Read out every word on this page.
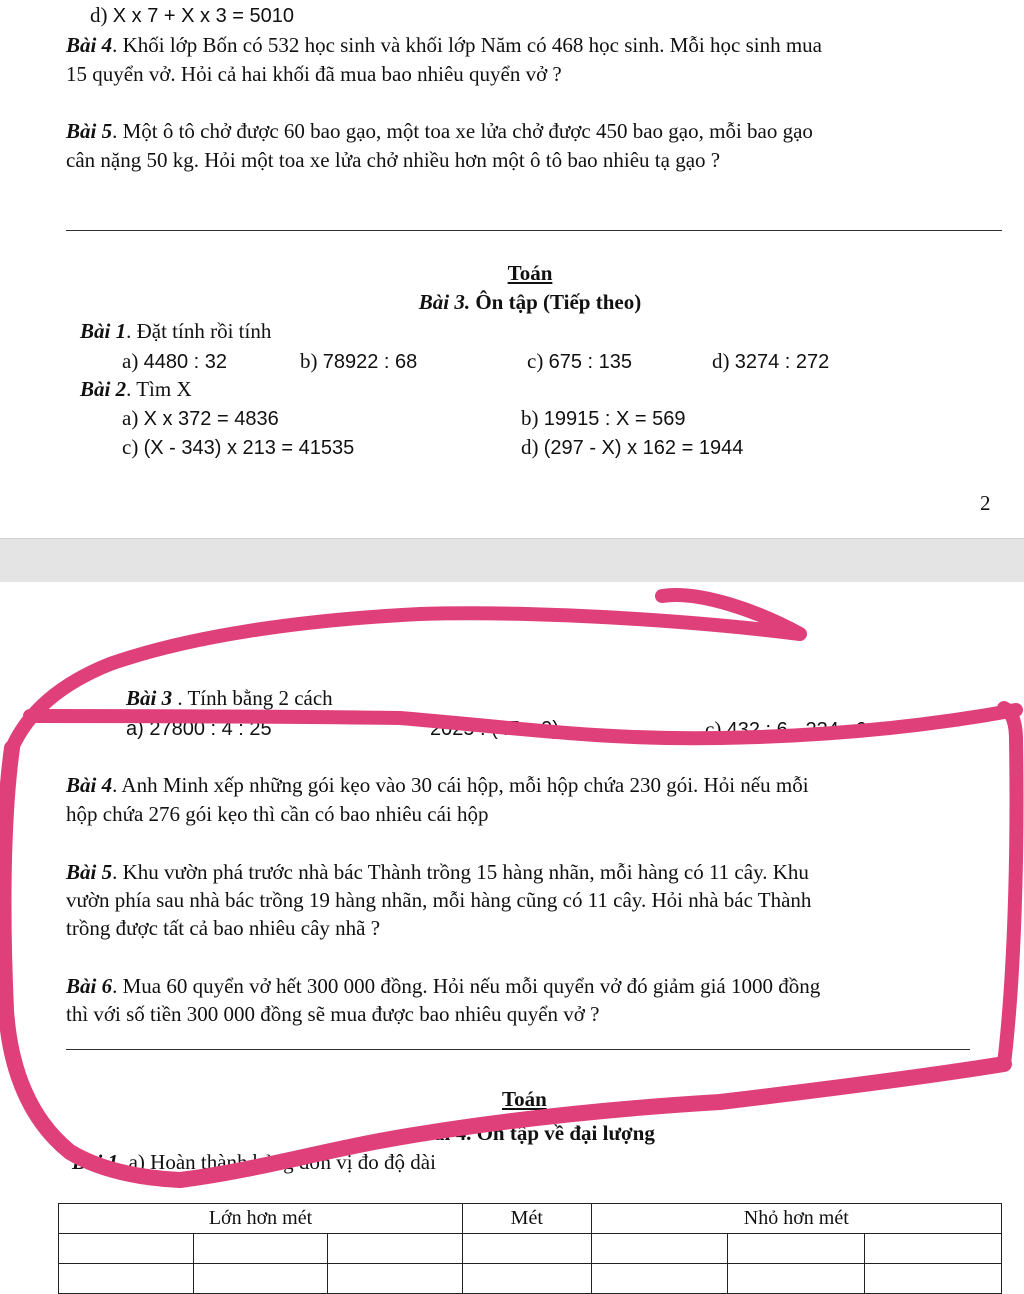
d) X x 7 + X x 3 = 5010
Bài 4. Khối lớp Bốn có 532 học sinh và khối lớp Năm có 468 học sinh. Mỗi học sinh mua
15 quyển vở. Hỏi cả hai khối đã mua bao nhiêu quyển vở ?
Bài 5. Một ô tô chở được 60 bao gạo, một toa xe lửa chở được 450 bao gạo, mỗi bao gạo
cân nặng 50 kg. Hỏi một toa xe lửa chở nhiều hơn một ô tô bao nhiêu tạ gạo ?
Toán
Bài 3. Ôn tập (Tiếp theo)
Bài 1. Đặt tính rồi tính
a) 4480 : 32	b) 78922 : 68	c) 675 : 135	d) 3274 : 272
Bài 2. Tìm X
a) X x 372 = 4836	b) 19915 : X = 569
c) (X - 343) x 213 = 41535	d) (297 - X) x 162 = 1944
2
Bài 3 . Tính bằng 2 cách
a) 27800 : 4 : 25	2025 : (45 x 9)	c) 432 : 6 - 234 : 6
Bài 4. Anh Minh xếp những gói kẹo vào 30 cái hộp, mỗi hộp chứa 230 gói. Hỏi nếu mỗi
hộp chứa 276 gói kẹo thì cần có bao nhiêu cái hộp
Bài 5. Khu vườn phá trước nhà bác Thành trồng 15 hàng nhãn, mỗi hàng có 11 cây. Khu
vườn phía sau nhà bác trồng 19 hàng nhãn, mỗi hàng cũng có 11 cây. Hỏi nhà bác Thành
trồng được tất cả bao nhiêu cây nhã ?
Bài 6. Mua 60 quyển vở hết 300 000 đồng. Hỏi nếu mỗi quyển vở đó giảm giá 1000 đồng
thì với số tiền 300 000 đồng sẽ mua được bao nhiêu quyển vở ?
Toán
Bài 4. Ôn tập về đại lượng
Bài 1. a) Hoàn thành bảng đơn vị đo độ dài
Lớn hơn mét			Mét	Nhỏ hơn mét		
